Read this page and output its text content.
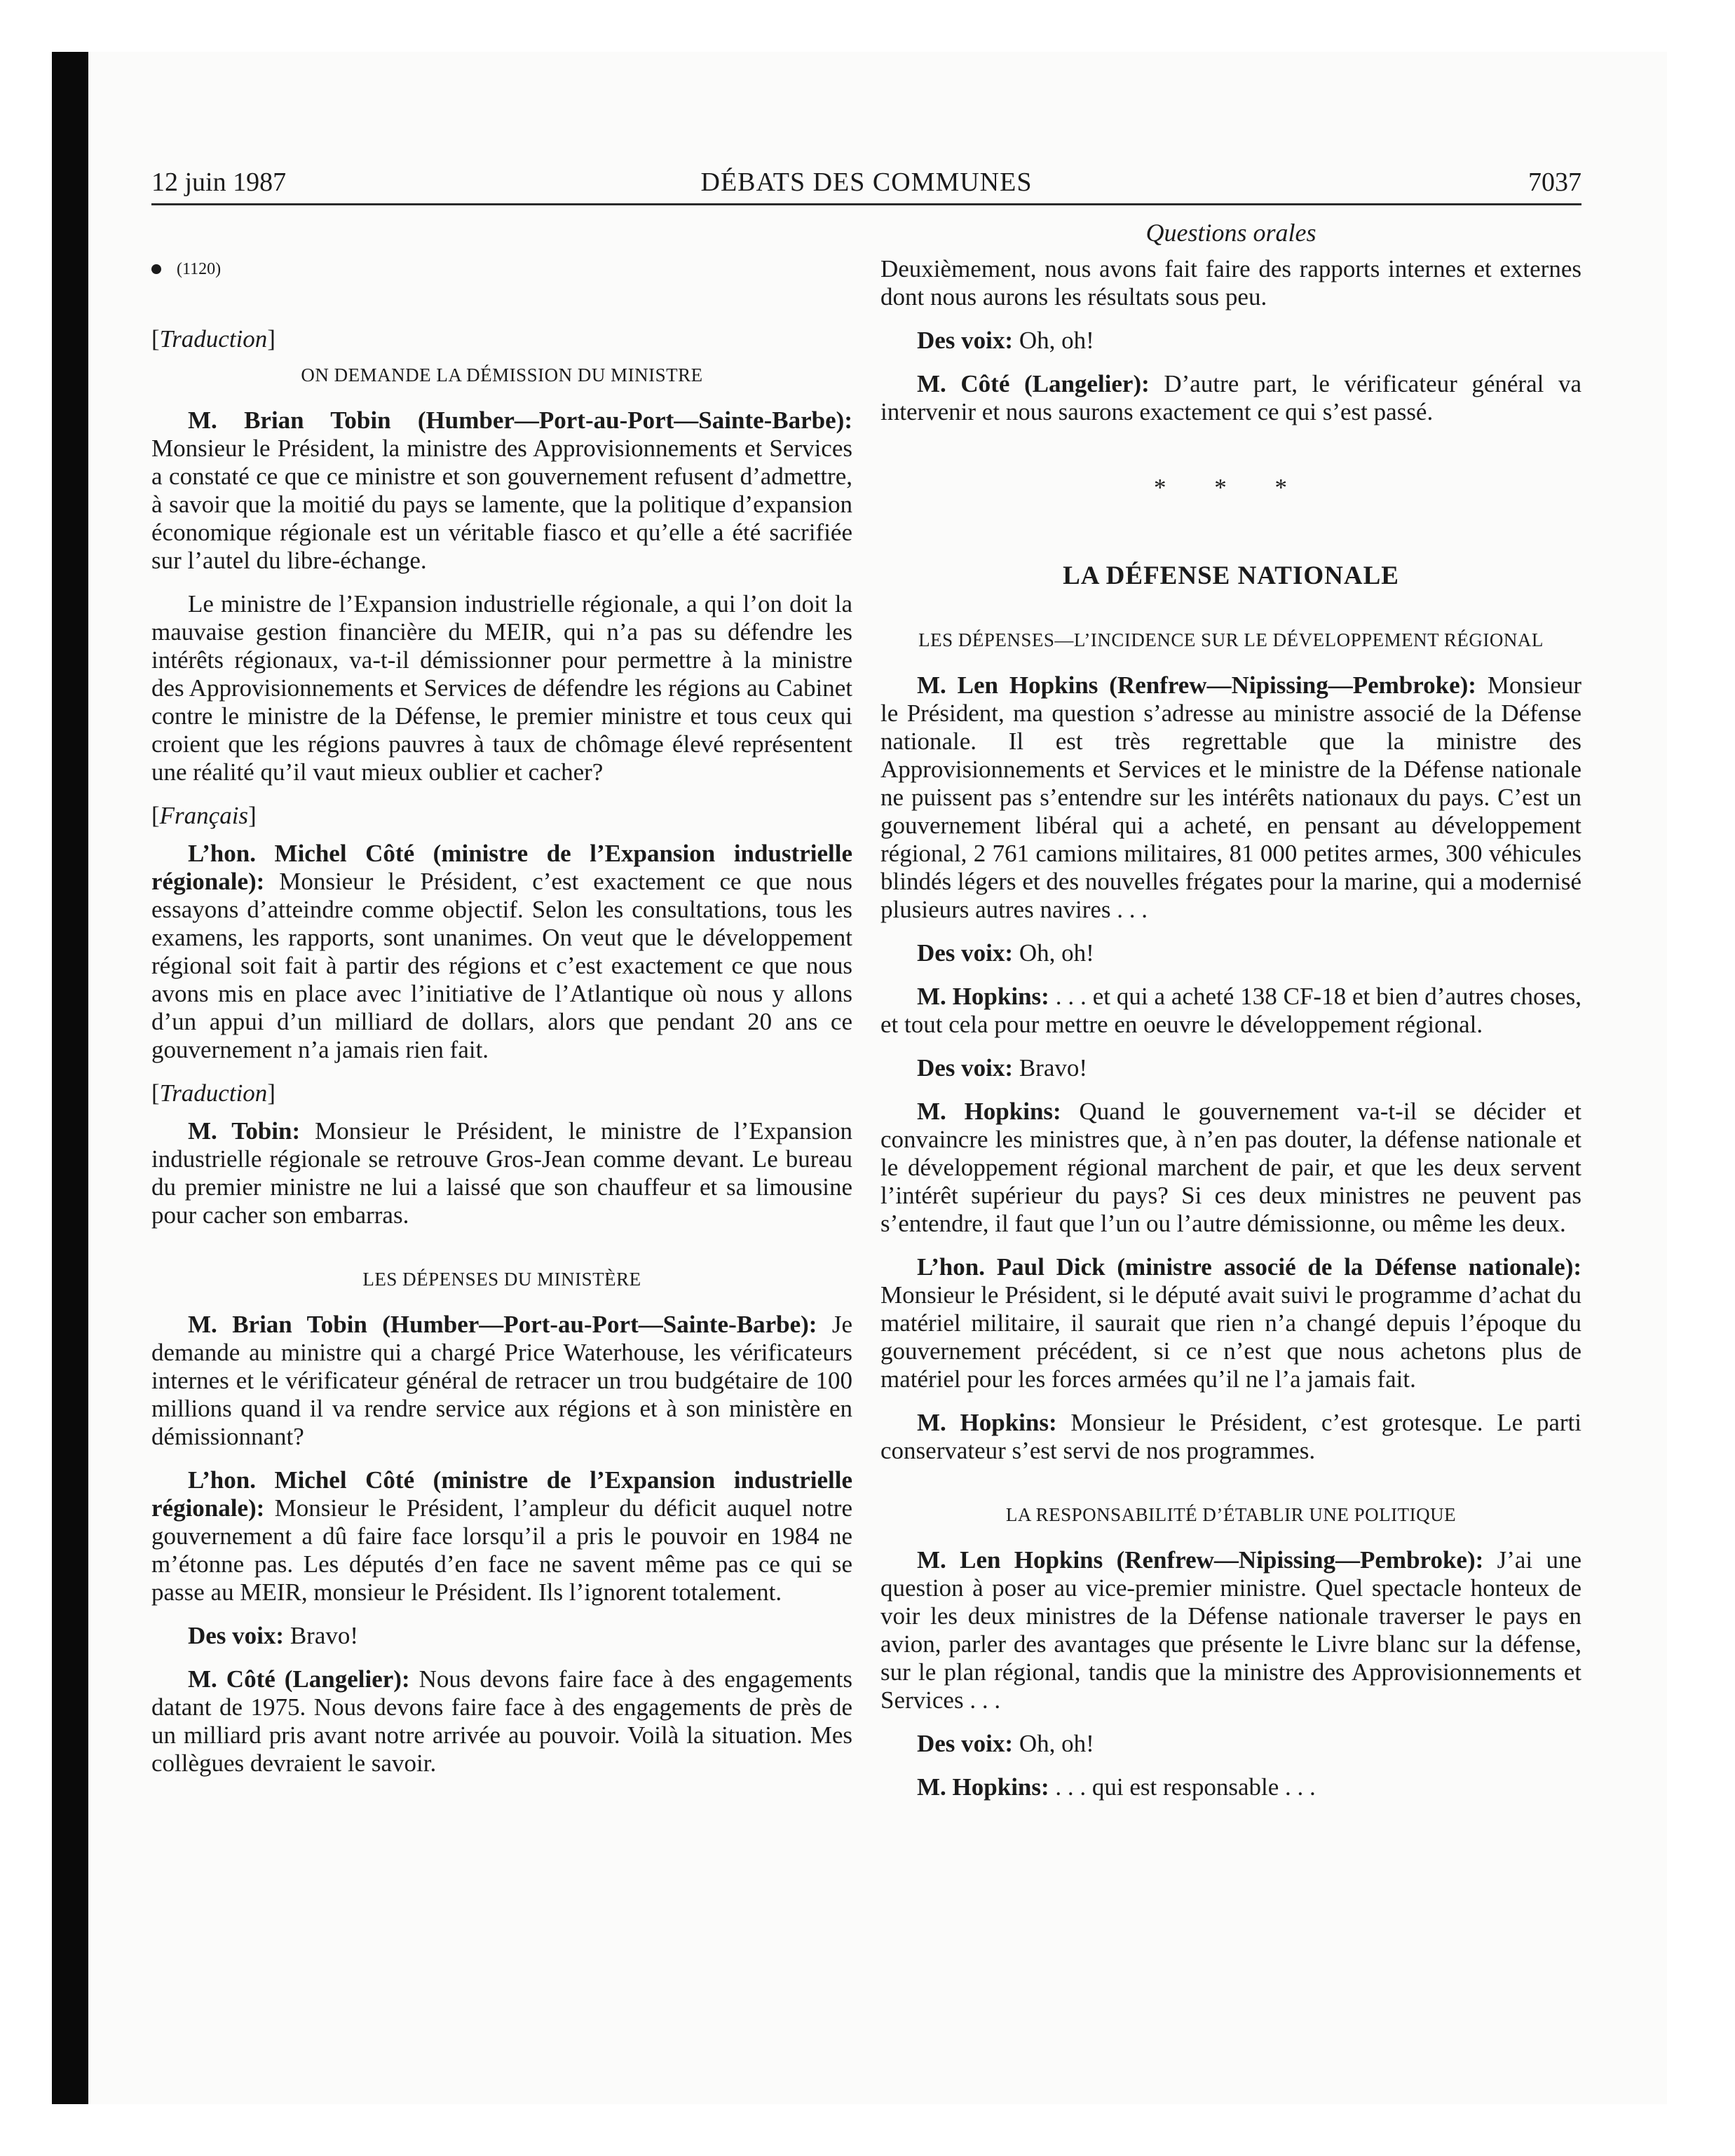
12 juin 1987	DÉBATS DES COMMUNES	7037
(1120)
[Traduction]
ON DEMANDE LA DÉMISSION DU MINISTRE

M. Brian Tobin (Humber—Port-au-Port—Sainte-Barbe): Monsieur le Président, la ministre des Approvisionnements et Services a constaté ce que ce ministre et son gouvernement refusent d’admettre, à savoir que la moitié du pays se lamente, que la politique d’expansion économique régionale est un véritable fiasco et qu’elle a été sacrifiée sur l’autel du libre-échange.

Le ministre de l’Expansion industrielle régionale, a qui l’on doit la mauvaise gestion financière du MEIR, qui n’a pas su défendre les intérêts régionaux, va-t-il démissionner pour permettre à la ministre des Approvisionnements et Services de défendre les régions au Cabinet contre le ministre de la Défense, le premier ministre et tous ceux qui croient que les régions pauvres à taux de chômage élevé représentent une réalité qu’il vaut mieux oublier et cacher?

[Français]

L’hon. Michel Côté (ministre de l’Expansion industrielle régionale): Monsieur le Président, c’est exactement ce que nous essayons d’atteindre comme objectif. Selon les consultations, tous les examens, les rapports, sont unanimes. On veut que le développement régional soit fait à partir des régions et c’est exactement ce que nous avons mis en place avec l’initiative de l’Atlantique où nous y allons d’un appui d’un milliard de dollars, alors que pendant 20 ans ce gouvernement n’a jamais rien fait.

[Traduction]

M. Tobin: Monsieur le Président, le ministre de l’Expansion industrielle régionale se retrouve Gros-Jean comme devant. Le bureau du premier ministre ne lui a laissé que son chauffeur et sa limousine pour cacher son embarras.

LES DÉPENSES DU MINISTÈRE

M. Brian Tobin (Humber—Port-au-Port—Sainte-Barbe): Je demande au ministre qui a chargé Price Waterhouse, les vérificateurs internes et le vérificateur général de retracer un trou budgétaire de 100 millions quand il va rendre service aux régions et à son ministère en démissionnant?

L’hon. Michel Côté (ministre de l’Expansion industrielle régionale): Monsieur le Président, l’ampleur du déficit auquel notre gouvernement a dû faire face lorsqu’il a pris le pouvoir en 1984 ne m’étonne pas. Les députés d’en face ne savent même pas ce qui se passe au MEIR, monsieur le Président. Ils l’ignorent totalement.

Des voix: Bravo!

M. Côté (Langelier): Nous devons faire face à des engagements datant de 1975. Nous devons faire face à des engagements de près de un milliard pris avant notre arrivée au pouvoir. Voilà la situation. Mes collègues devraient le savoir.

Questions orales

Deuxièmement, nous avons fait faire des rapports internes et externes dont nous aurons les résultats sous peu.

Des voix: Oh, oh!

M. Côté (Langelier): D’autre part, le vérificateur général va intervenir et nous saurons exactement ce qui s’est passé.

* * *
LA DÉFENSE NATIONALE
LES DÉPENSES—L’INCIDENCE SUR LE DÉVELOPPEMENT RÉGIONAL

M. Len Hopkins (Renfrew—Nipissing—Pembroke): Monsieur le Président, ma question s’adresse au ministre associé de la Défense nationale. Il est très regrettable que la ministre des Approvisionnements et Services et le ministre de la Défense nationale ne puissent pas s’entendre sur les intérêts nationaux du pays. C’est un gouvernement libéral qui a acheté, en pensant au développement régional, 2 761 camions militaires, 81 000 petites armes, 300 véhicules blindés légers et des nouvelles frégates pour la marine, qui a modernisé plusieurs autres navires . . .

Des voix: Oh, oh!

M. Hopkins: . . . et qui a acheté 138 CF-18 et bien d’autres choses, et tout cela pour mettre en oeuvre le développement régional.

Des voix: Bravo!

M. Hopkins: Quand le gouvernement va-t-il se décider et convaincre les ministres que, à n’en pas douter, la défense nationale et le développement régional marchent de pair, et que les deux servent l’intérêt supérieur du pays? Si ces deux ministres ne peuvent pas s’entendre, il faut que l’un ou l’autre démissionne, ou même les deux.

L’hon. Paul Dick (ministre associé de la Défense nationale): Monsieur le Président, si le député avait suivi le programme d’achat du matériel militaire, il saurait que rien n’a changé depuis l’époque du gouvernement précédent, si ce n’est que nous achetons plus de matériel pour les forces armées qu’il ne l’a jamais fait.

M. Hopkins: Monsieur le Président, c’est grotesque. Le parti conservateur s’est servi de nos programmes.

LA RESPONSABILITÉ D’ÉTABLIR UNE POLITIQUE

M. Len Hopkins (Renfrew—Nipissing—Pembroke): J’ai une question à poser au vice-premier ministre. Quel spectacle honteux de voir les deux ministres de la Défense nationale traverser le pays en avion, parler des avantages que présente le Livre blanc sur la défense, sur le plan régional, tandis que la ministre des Approvisionnements et Services . . .

Des voix: Oh, oh!

M. Hopkins: . . . qui est responsable . . .
